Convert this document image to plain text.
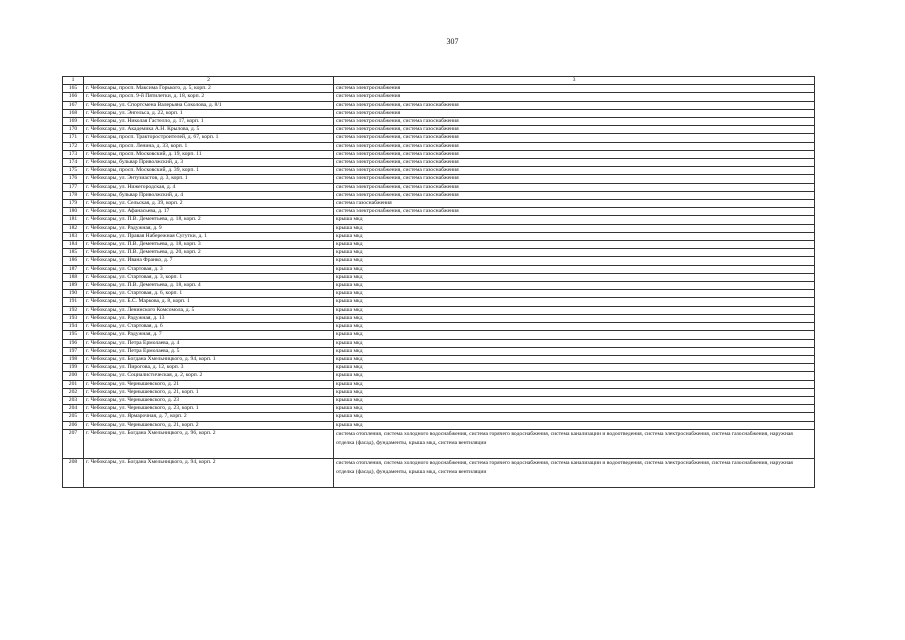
307
1	2	3
165	г. Чебоксары, просп. Максима Горького, д. 5, корп. 2	система электроснабжения
166	г. Чебоксары, просп. 9-й Пятилетки, д. 18, корп. 2	система электроснабжения
167	г. Чебоксары, ул. Спортсмена Валерьяна Соколова, д. 8/1	система электроснабжения, система газоснабжения
168	г. Чебоксары, ул. Энгельса, д. 22, корп. 1	система электроснабжения
169	г. Чебоксары, ул. Николая Гастелло, д. 17, корп. 1	система электроснабжения, система газоснабжения
170	г. Чебоксары, ул. Академика А.Н. Крылова, д. 5	система электроснабжения, система газоснабжения
171	г. Чебоксары, просп. Тракторостроителей, д. 67, корп. 1	система электроснабжения, система газоснабжения
172	г. Чебоксары, просп. Ленина, д. 33, корп. 1	система электроснабжения, система газоснабжения
173	г. Чебоксары, просп. Московский, д. 19, корп. 11	система электроснабжения, система газоснабжения
174	г. Чебоксары, бульвар Приволжский, д. 3	система электроснабжения, система газоснабжения
175	г. Чебоксары, просп. Московский, д. 39, корп. 1	система электроснабжения, система газоснабжения
176	г. Чебоксары, ул. Энтузиастов, д. 3, корп. 1	система электроснабжения, система газоснабжения
177	г. Чебоксары, ул. Нижегородская, д. 4	система электроснабжения, система газоснабжения
178	г. Чебоксары, бульвар Приволжский, д. 4	система электроснабжения, система газоснабжения
179	г. Чебоксары, ул. Сельская, д. 39, корп. 2	система газоснабжения
180	г. Чебоксары, ул. Афанасьева, д. 17	система электроснабжения, система газоснабжения
181	г. Чебоксары, ул. П.В. Дементьева, д. 18, корп. 2	крыша мкд
182	г. Чебоксары, ул. Радужная, д. 9	крыша мкд
183	г. Чебоксары, ул. Правая Набережная Сугутки, д. 1	крыша мкд
184	г. Чебоксары, ул. П.В. Дементьева, д. 18, корп. 3	крыша мкд
185	г. Чебоксары, ул. П.В. Дементьева, д. 20, корп. 2	крыша мкд
186	г. Чебоксары, ул. Ивана Франко, д. 7	крыша мкд
187	г. Чебоксары, ул. Стартовая, д. 3	крыша мкд
188	г. Чебоксары, ул. Стартовая, д. 3, корп. 1	крыша мкд
189	г. Чебоксары, ул. П.В. Дементьева, д. 18, корп. 4	крыша мкд
190	г. Чебоксары, ул. Стартовая, д. 6, корп. 1	крыша мкд
191	г. Чебоксары, ул. Б.С. Маркова, д. 8, корп. 1	крыша мкд
192	г. Чебоксары, ул. Ленинского Комсомола, д. 5	крыша мкд
193	г. Чебоксары, ул. Радужная, д. 13	крыша мкд
194	г. Чебоксары, ул. Стартовая, д. 6	крыша мкд
195	г. Чебоксары, ул. Радужная, д. 7	крыша мкд
196	г. Чебоксары, ул. Петра Ермолаева, д. 4	крыша мкд
197	г. Чебоксары, ул. Петра Ермолаева, д. 5	крыша мкд
198	г. Чебоксары, ул. Богдана Хмельницкого, д. 94, корп. 1	крыша мкд
199	г. Чебоксары, ул. Пирогова, д. 12, корп. 3	крыша мкд
200	г. Чебоксары, ул. Социалистическая, д. 2, корп. 2	крыша мкд
201	г. Чебоксары, ул. Чернышевского, д. 21	крыша мкд
202	г. Чебоксары, ул. Чернышевского, д. 21, корп. 1	крыша мкд
203	г. Чебоксары, ул. Чернышевского, д. 23	крыша мкд
204	г. Чебоксары, ул. Чернышевского, д. 23, корп. 1	крыша мкд
205	г. Чебоксары, ул. Ярмарочная, д. 7, корп. 2	крыша мкд
206	г. Чебоксары, ул. Чернышевского, д. 21, корп. 2	крыша мкд
207	г. Чебоксары, ул. Богдана Хмельницкого, д. 96, корп. 2	система отопления, система холодного водоснабжения, система горячего водоснабжения, система канализации и водоотведения, система электроснабжения, система газоснабжения, наружная отделка (фасад), фундаменты, крыша мкд, система вентиляции
208	г. Чебоксары, ул. Богдана Хмельницкого, д. 94, корп. 2	система отопления, система холодного водоснабжения, система горячего водоснабжения, система канализации и водоотведения, система электроснабжения, система газоснабжения, наружная отделка (фасад), фундаменты, крыша мкд, система вентиляции
